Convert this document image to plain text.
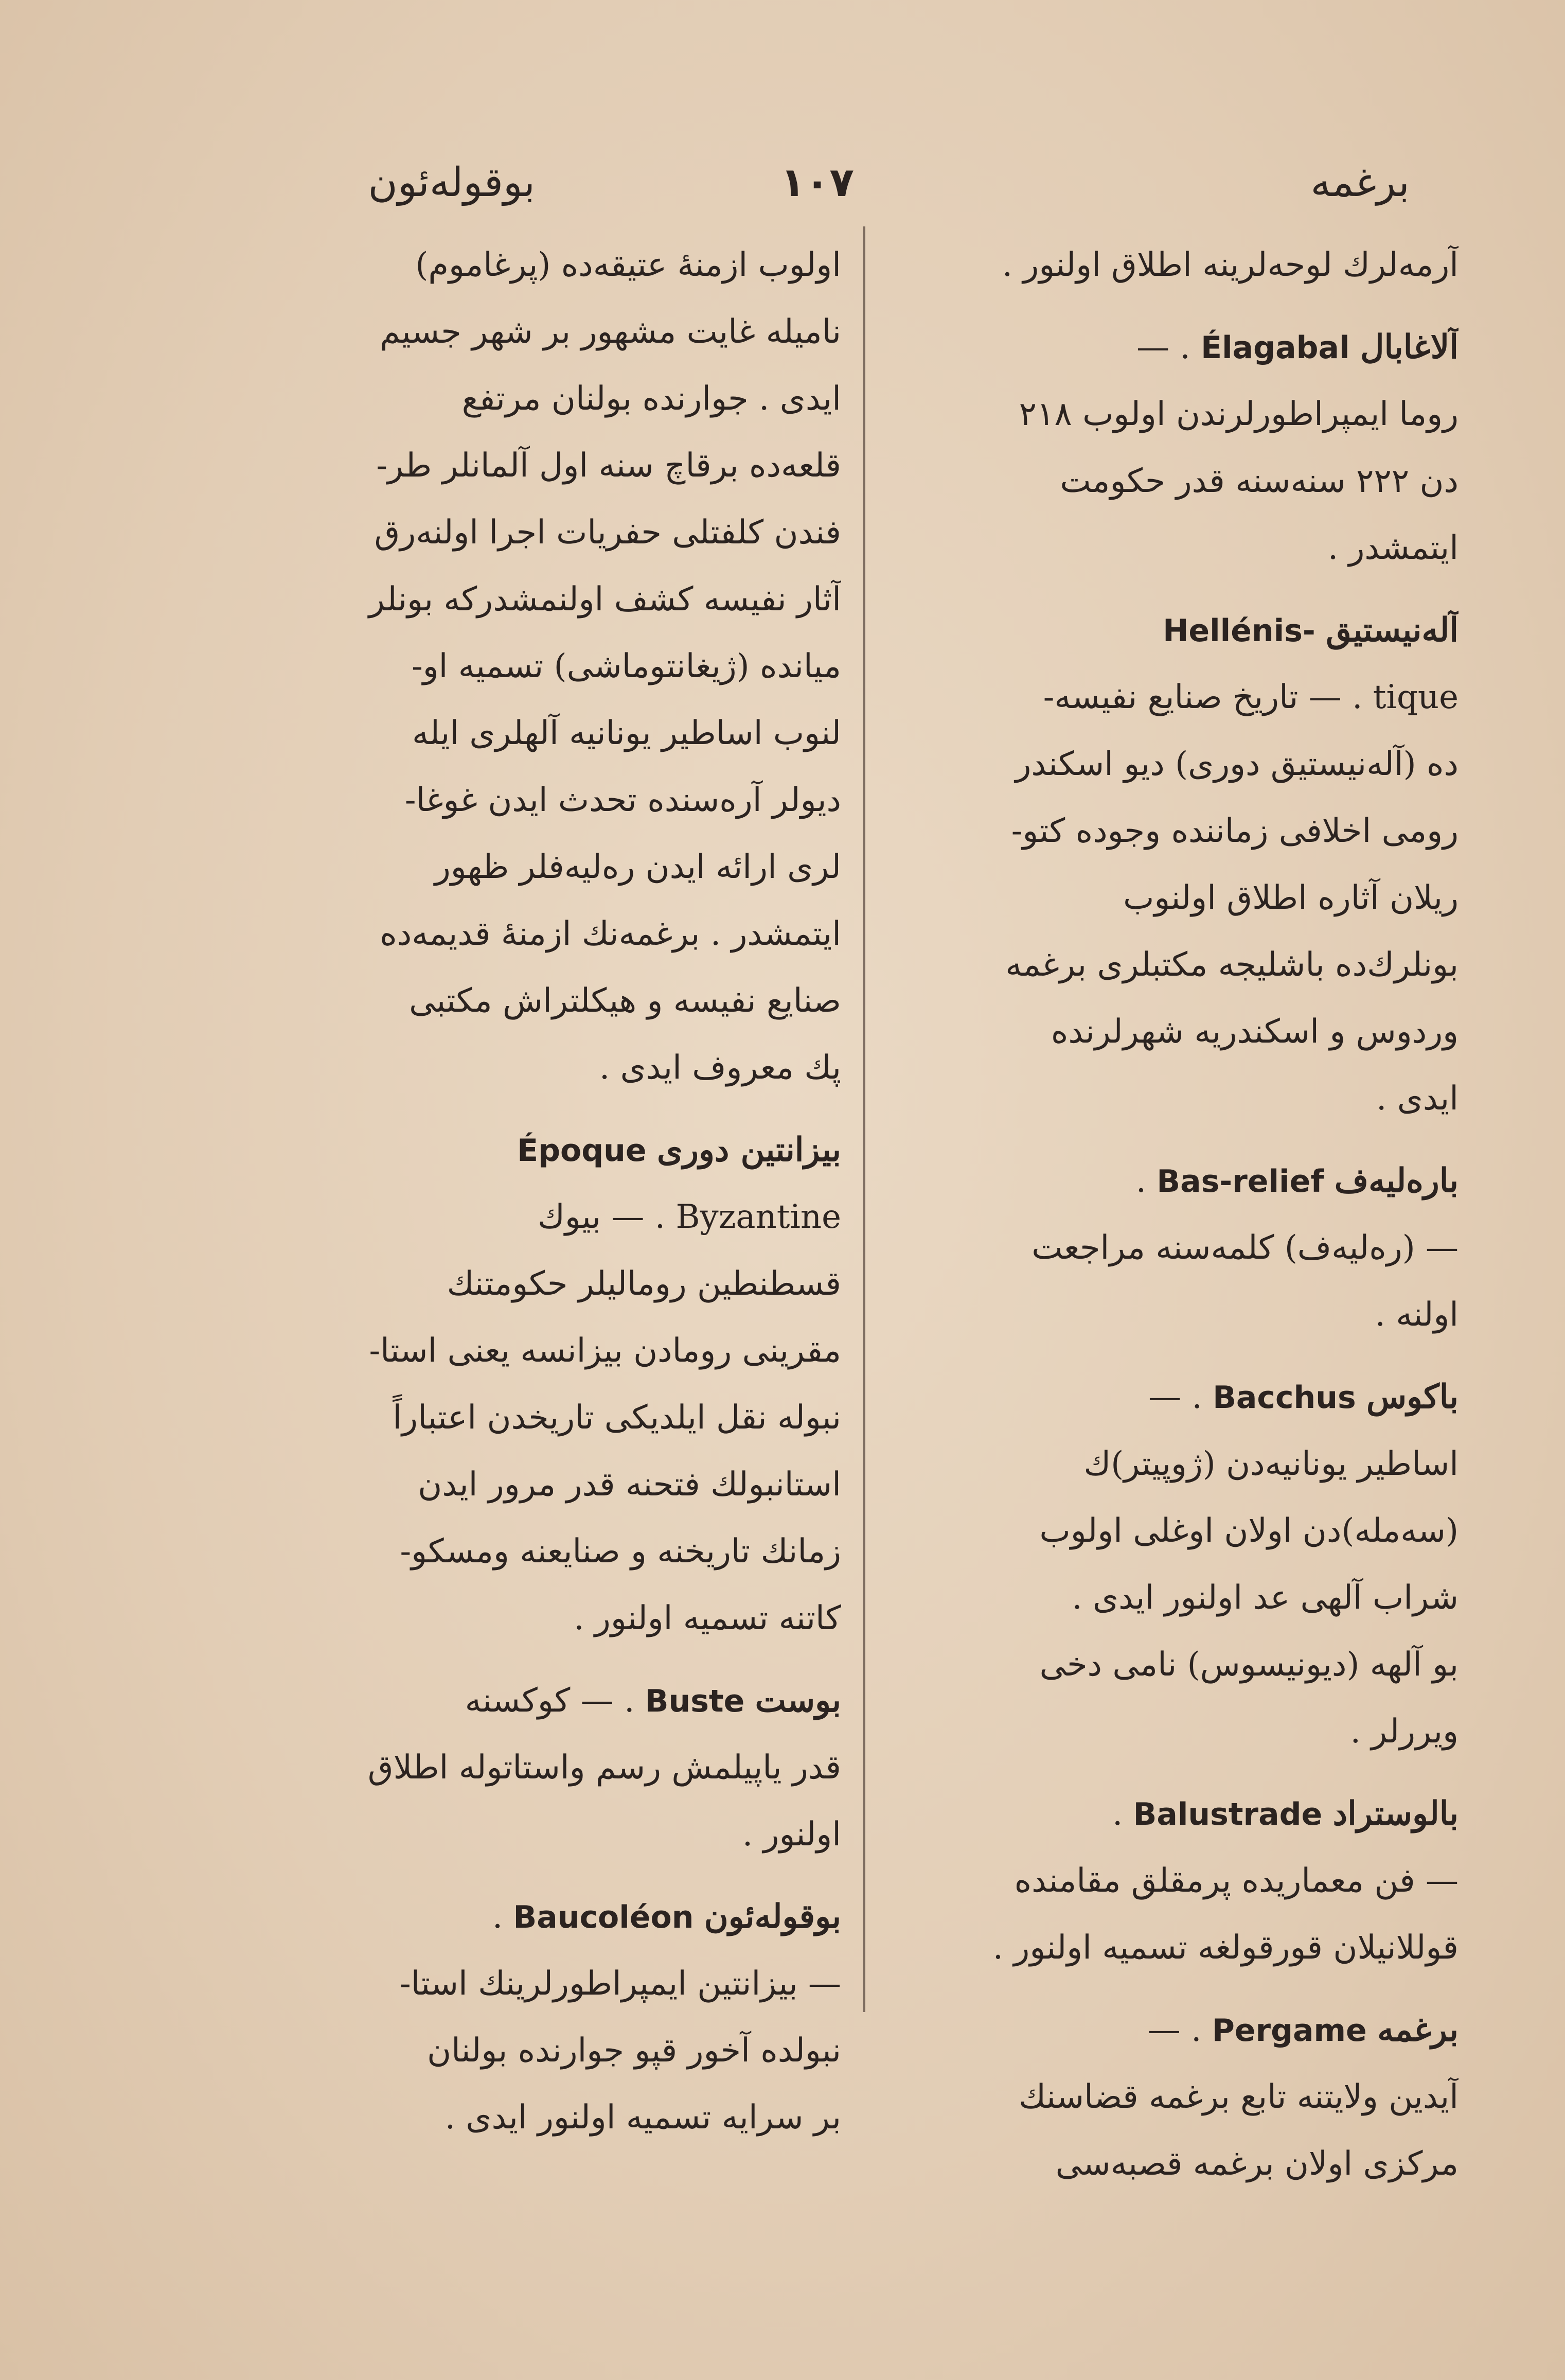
برغمه
١٠٧
بوقوله‌ئون
آرمه‌لرك لوحه‌لرینه اطلاق اولنور .
آلاغابال Élagabal . —
روما ايمپراطورلرندن اولوب ٢١٨
دن ٢٢٢ سنه‌سنه قدر حكومت
ايتمشدر .
آله‌نيستيق Hellénis-
tique . — تاريخ صنايع نفيسه-
ده (آله‌نيستيق دوری) ديو اسكندر
رومی اخلافی زماننده وجوده كتو-
ريلان آثاره اطلاق اولنوب
بونلرك‌ده باشليجه مكتبلری برغمه
وردوس و اسكندريه شهرلرنده
ايدی .
باره‌ليه‌ف Bas-relief .
— (ره‌ليه‌ف) كلمه‌سنه مراجعت
اولنه .
باكوس Bacchus . —
اساطير يونانيه‌دن (ژوپيتر)ك
(سه‌مله)دن اولان اوغلی اولوب
شراب آلهی عد اولنور ايدی .
بو آلهه (ديونيسوس) نامی دخی
ويررلر .
بالوستراد Balustrade .
— فن معماريده پرمقلق مقامنده
قوللانيلان قورقولغه تسميه اولنور .
برغمه Pergame . —
آيدين ولايتنه تابع برغمه قضاسنك
مركزی اولان برغمه قصبه‌سی
اولوب ازمنهٔ عتيقه‌ده (پرغاموم)
ناميله غايت مشهور بر شهر جسيم
ايدی . جوارنده بولنان مرتفع
قلعه‌ده برقاچ سنه اول آلمانلر طر-
فندن كلفتلی حفريات اجرا اولنه‌رق
آثار نفيسه كشف اولنمشدركه بونلر
ميانده (ژيغانتوماشی) تسميه او-
لنوب اساطير يونانيه آلهلری ايله
ديولر آره‌سنده تحدث ايدن غوغا-
لری ارائه ايدن ره‌ليه‌فلر ظهور
ايتمشدر . برغمه‌نك ازمنهٔ قديمه‌ده
صنايع نفيسه و هيكلتراش مكتبی
پك معروف ايدی .
بيزانتين دوری Époque
Byzantine . — بيوك
قسطنطين روماليلر حكومتنك
مقرينی رومادن بيزانسه يعنی استا-
نبوله نقل ايلديكی تاريخدن اعتباراً
استانبولك فتحنه قدر مرور ايدن
زمانك تاريخنه و صنايعنه ومسكو-
كاتنه تسميه اولنور .
بوست Buste . — كوكسنه
قدر ياپيلمش رسم واستاتوله اطلاق
اولنور .
بوقوله‌ئون Baucoléon .
— بيزانتين ايمپراطورلرينك استا-
نبولده آخور قپو جوارنده بولنان
بر سرايه تسميه اولنور ايدی .
